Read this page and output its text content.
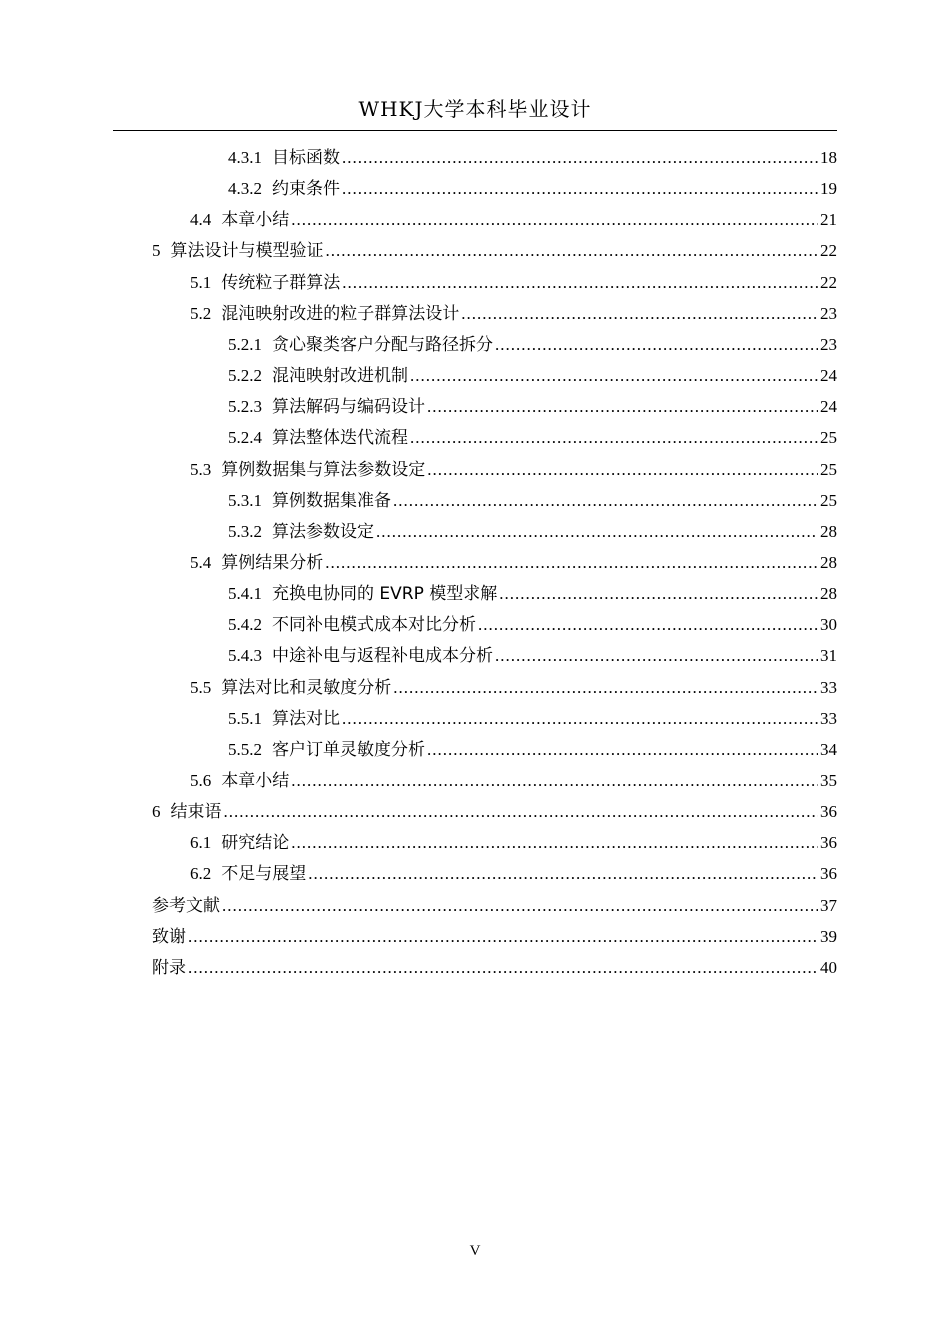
WHKJ大学本科毕业设计
4.3.1 目标函数 .....	18
4.3.2 约束条件 .....	19
4.4 本章小结 .....	21
5 算法设计与模型验证 .....	22
5.1 传统粒子群算法 .....	22
5.2 混沌映射改进的粒子群算法设计 .....	23
5.2.1 贪心聚类客户分配与路径拆分 .....	23
5.2.2 混沌映射改进机制 .....	24
5.2.3 算法解码与编码设计 .....	24
5.2.4 算法整体迭代流程 .....	25
5.3 算例数据集与算法参数设定 .....	25
5.3.1 算例数据集准备 .....	25
5.3.2 算法参数设定 .....	28
5.4 算例结果分析 .....	28
5.4.1 充换电协同的 EVRP 模型求解 .....	28
5.4.2 不同补电模式成本对比分析 .....	30
5.4.3 中途补电与返程补电成本分析 .....	31
5.5 算法对比和灵敏度分析 .....	33
5.5.1 算法对比 .....	33
5.5.2 客户订单灵敏度分析 .....	34
5.6 本章小结 .....	35
6 结束语 .....	36
6.1 研究结论 .....	36
6.2 不足与展望 .....	36
参考文献 .....	37
致谢 .....	39
附录 .....	40
V
